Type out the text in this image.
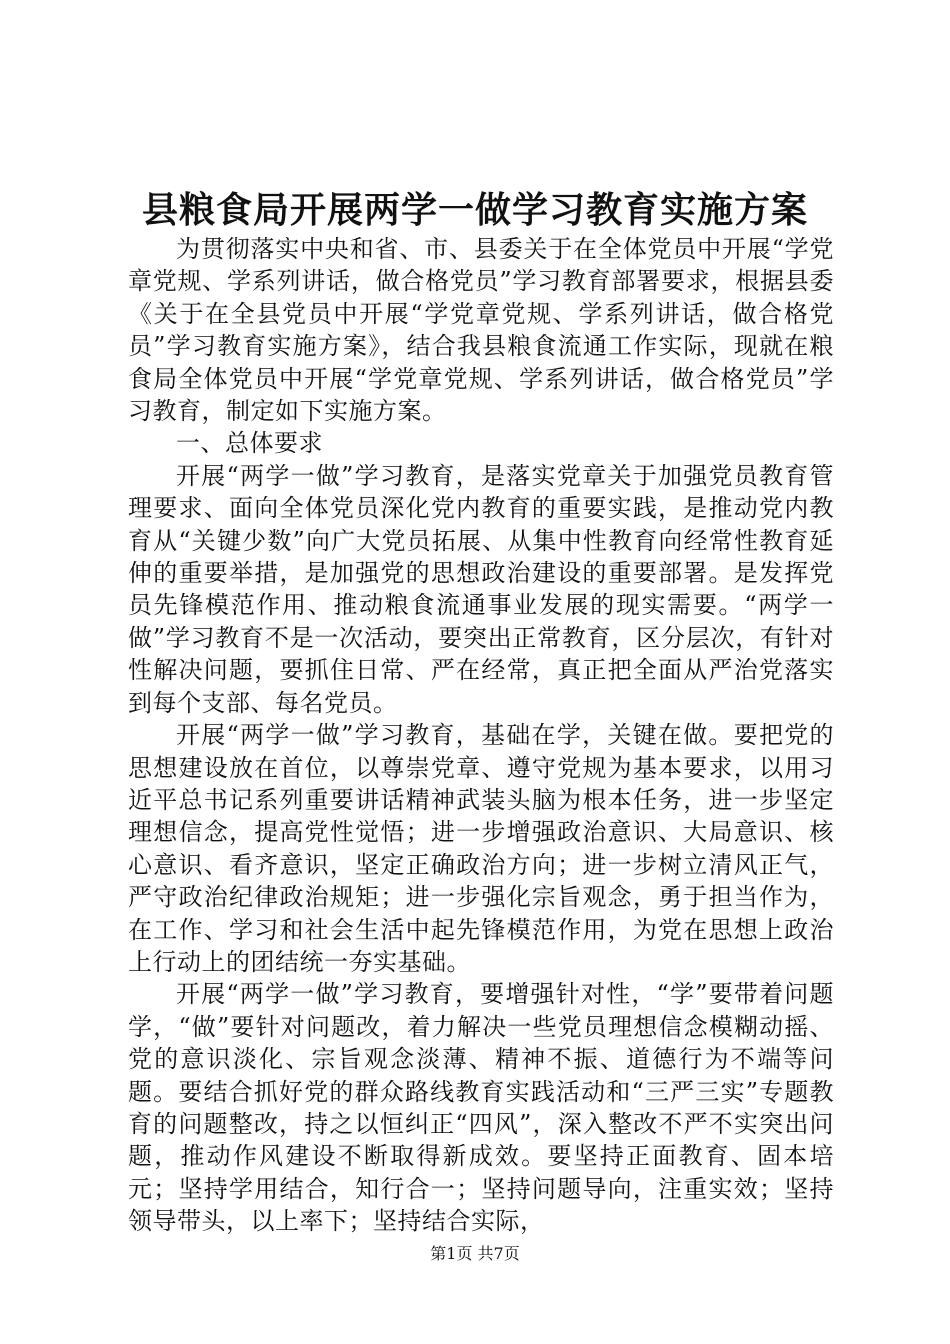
县粮食局开展两学一做学习教育实施方案

为贯彻落实中央和省、市、县委关于在全体党员中开展“学党章党规、学系列讲话，做合格党员”学习教育部署要求，根据县委《关于在全县党员中开展“学党章党规、学系列讲话，做合格党员”学习教育实施方案》，结合我县粮食流通工作实际，现就在粮食局全体党员中开展“学党章党规、学系列讲话，做合格党员”学习教育，制定如下实施方案。

一、总体要求

开展“两学一做”学习教育，是落实党章关于加强党员教育管理要求、面向全体党员深化党内教育的重要实践，是推动党内教育从“关键少数”向广大党员拓展、从集中性教育向经常性教育延伸的重要举措，是加强党的思想政治建设的重要部署。是发挥党员先锋模范作用、推动粮食流通事业发展的现实需要。“两学一做”学习教育不是一次活动，要突出正常教育，区分层次，有针对性解决问题，要抓住日常、严在经常，真正把全面从严治党落实到每个支部、每名党员。

开展“两学一做”学习教育，基础在学，关键在做。要把党的思想建设放在首位，以尊崇党章、遵守党规为基本要求，以用习近平总书记系列重要讲话精神武装头脑为根本任务，进一步坚定理想信念，提高党性觉悟；进一步增强政治意识、大局意识、核心意识、看齐意识，坚定正确政治方向；进一步树立清风正气，严守政治纪律政治规矩；进一步强化宗旨观念，勇于担当作为，在工作、学习和社会生活中起先锋模范作用，为党在思想上政治上行动上的团结统一夯实基础。

开展“两学一做”学习教育，要增强针对性，“学”要带着问题学，“做”要针对问题改，着力解决一些党员理想信念模糊动摇、党的意识淡化、宗旨观念淡薄、精神不振、道德行为不端等问题。要结合抓好党的群众路线教育实践活动和“三严三实”专题教育的问题整改，持之以恒纠正“四风”，深入整改不严不实突出问题，推动作风建设不断取得新成效。要坚持正面教育、固本培元；坚持学用结合，知行合一；坚持问题导向，注重实效；坚持领导带头，以上率下；坚持结合实际，

第1页 共7页
